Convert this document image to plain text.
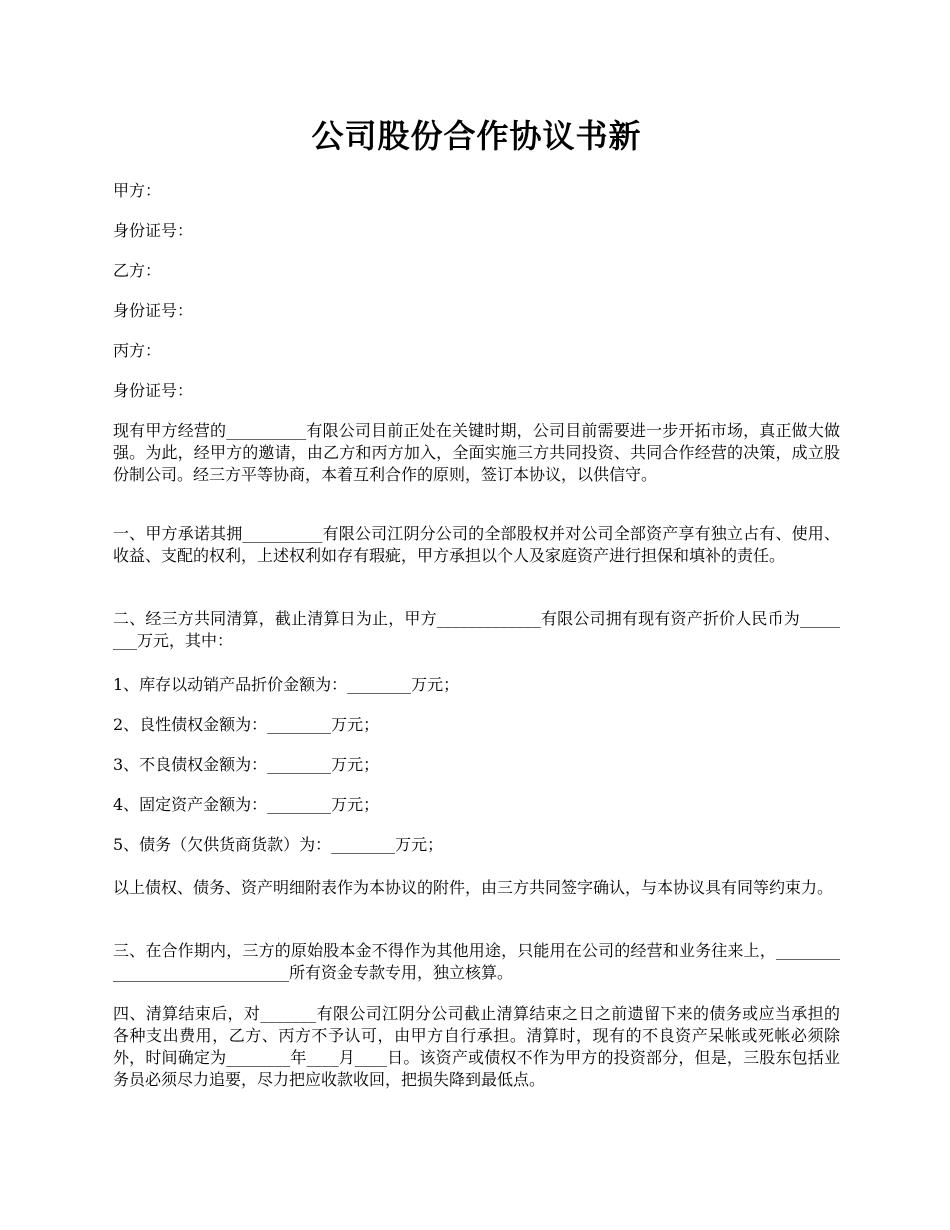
公司股份合作协议书新

甲方：

身份证号：

乙方：

身份证号：

丙方：

身份证号：

现有甲方经营的__________有限公司目前正处在关键时期，公司目前需要进一步开拓市场，真正做大做强。为此，经甲方的邀请，由乙方和丙方加入，全面实施三方共同投资、共同合作经营的决策，成立股份制公司。经三方平等协商，本着互利合作的原则，签订本协议，以供信守。

一、甲方承诺其拥__________有限公司江阴分公司的全部股权并对公司全部资产享有独立占有、使用、收益、支配的权利，上述权利如存有瑕疵，甲方承担以个人及家庭资产进行担保和填补的责任。

二、经三方共同清算，截止清算日为止，甲方_____________有限公司拥有现有资产折价人民币为________万元，其中：

1、库存以动销产品折价金额为：________万元；

2、良性债权金额为：________万元；

3、不良债权金额为：________万元；

4、固定资产金额为：________万元；

5、债务（欠供货商货款）为：________万元；

以上债权、债务、资产明细附表作为本协议的附件，由三方共同签字确认，与本协议具有同等约束力。

三、在合作期内，三方的原始股本金不得作为其他用途，只能用在公司的经营和业务往来上，______________________________所有资金专款专用，独立核算。

四、清算结束后，对_______有限公司江阴分公司截止清算结束之日之前遗留下来的债务或应当承担的各种支出费用，乙方、丙方不予认可，由甲方自行承担。清算时，现有的不良资产呆帐或死帐必须除外，时间确定为________年____月____日。该资产或债权不作为甲方的投资部分，但是，三股东包括业务员必须尽力追要，尽力把应收款收回，把损失降到最低点。
